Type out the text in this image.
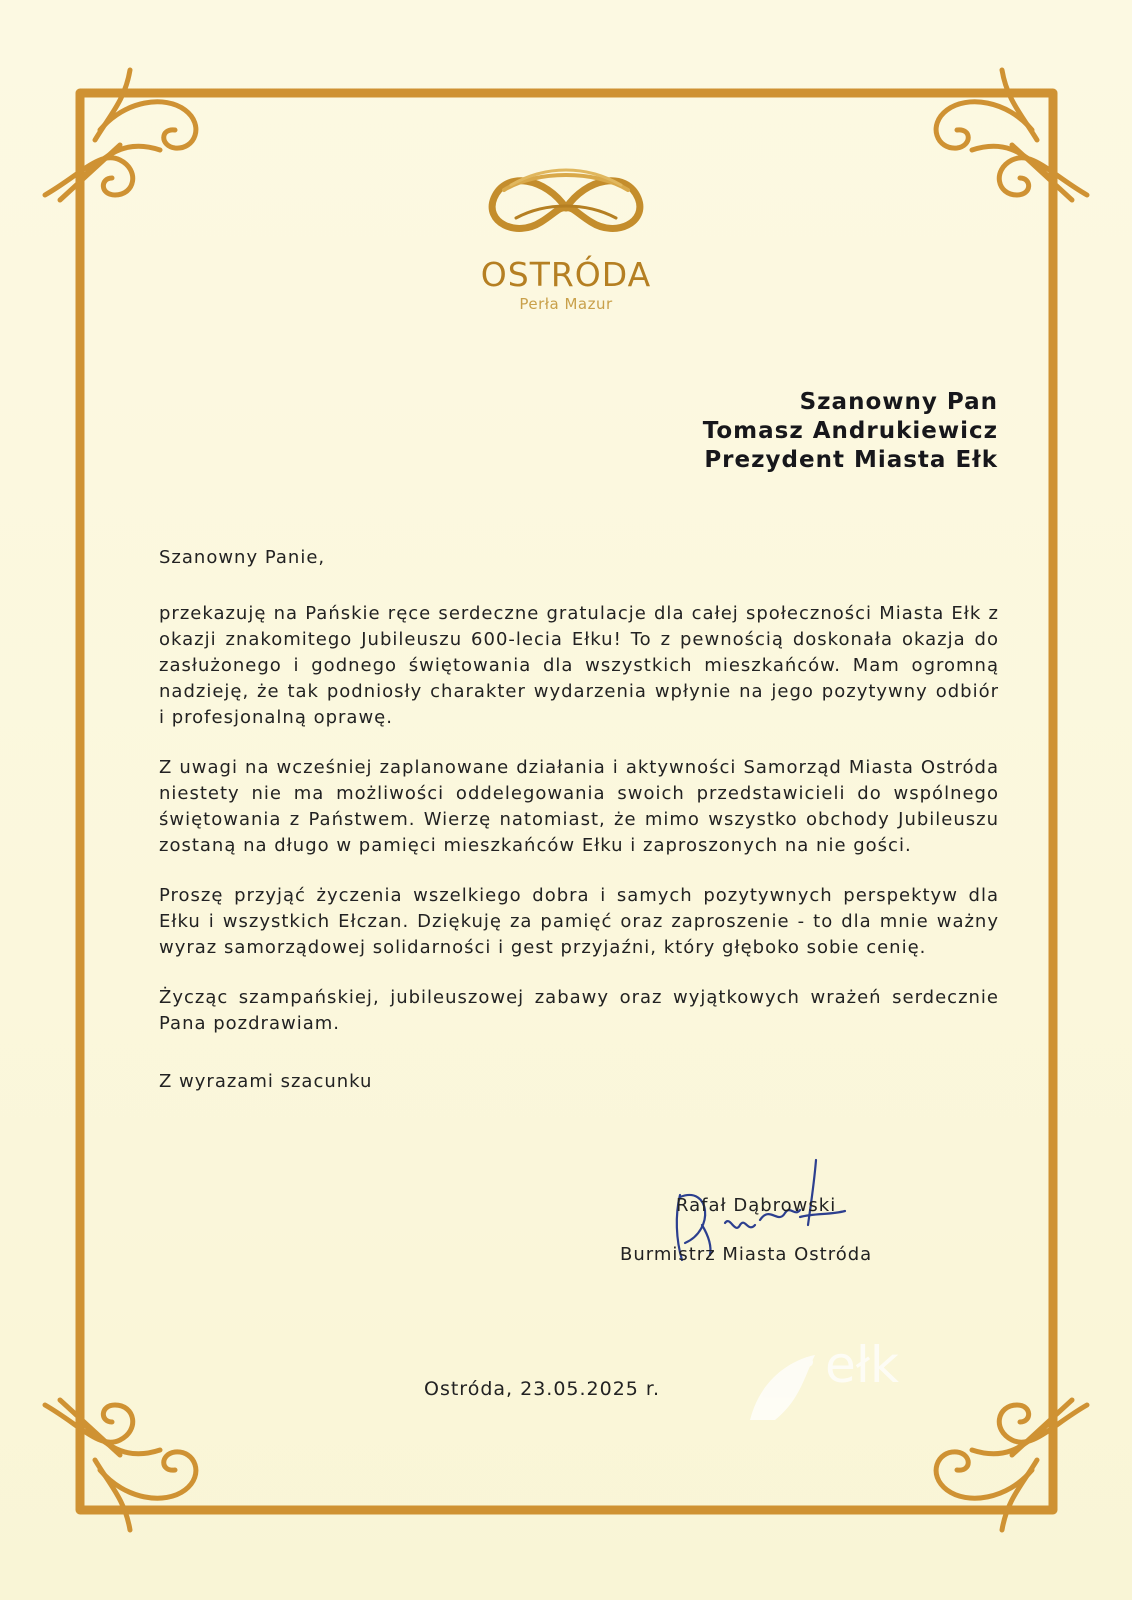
OSTRÓDA
Perła Mazur
Szanowny Pan
Tomasz Andrukiewicz
Prezydent Miasta Ełk

Szanowny Panie,

przekazuję na Pańskie ręce serdeczne gratulacje dla całej społeczności Miasta Ełk z okazji znakomitego Jubileuszu 600-lecia Ełku! To z pewnością doskonała okazja do zasłużonego i godnego świętowania dla wszystkich mieszkańców. Mam ogromną nadzieję, że tak podniosły charakter wydarzenia wpłynie na jego pozytywny odbiór i profesjonalną oprawę.

Z uwagi na wcześniej zaplanowane działania i aktywności Samorząd Miasta Ostróda niestety nie ma możliwości oddelegowania swoich przedstawicieli do wspólnego świętowania z Państwem. Wierzę natomiast, że mimo wszystko obchody Jubileuszu zostaną na długo w pamięci mieszkańców Ełku i zaproszonych na nie gości.

Proszę przyjąć życzenia wszelkiego dobra i samych pozytywnych perspektyw dla Ełku i wszystkich Ełczan. Dziękuję za pamięć oraz zaproszenie - to dla mnie ważny wyraz samorządowej solidarności i gest przyjaźni, który głęboko sobie cenię.

Życząc szampańskiej, jubileuszowej zabawy oraz wyjątkowych wrażeń serdecznie Pana pozdrawiam.

Z wyrazami szacunku

Rafał Dąbrowski
Burmistrz Miasta Ostróda
ełk
Ostróda, 23.05.2025 r.
